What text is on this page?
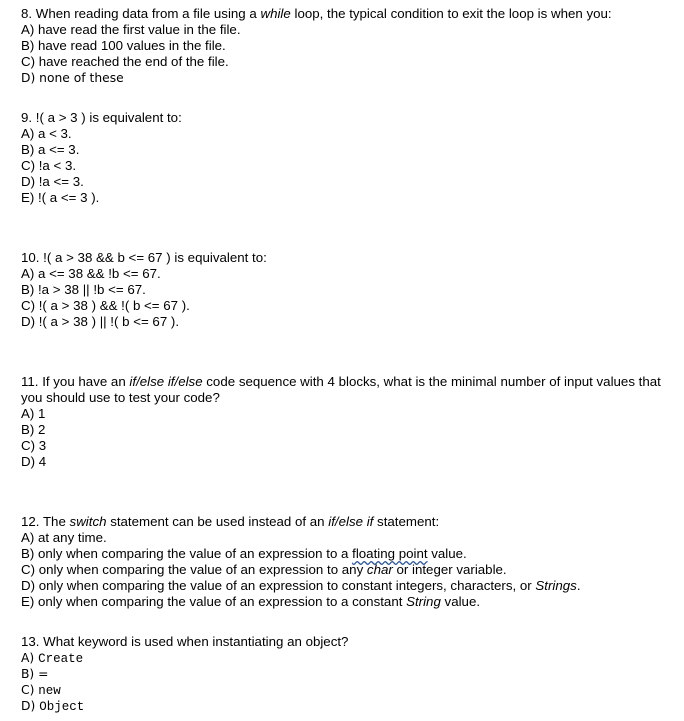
8. When reading data from a file using a while loop, the typical condition to exit the loop is when you:
A) have read the first value in the file.
B) have read 100 values in the file.
C) have reached the end of the file.
D) none of these
9. !( a > 3 ) is equivalent to:
A) a < 3.
B) a <= 3.
C) !a < 3.
D) !a <= 3.
E) !( a <= 3 ).
10. !( a > 38 && b <= 67 ) is equivalent to:
A) a <= 38 && !b <= 67.
B) !a > 38 || !b <= 67.
C) !( a > 38 ) && !( b <= 67 ).
D) !( a > 38 ) || !( b <= 67 ).
11. If you have an if/else if/else code sequence with 4 blocks, what is the minimal number of input values that you should use to test your code?
A) 1
B) 2
C) 3
D) 4
12. The switch statement can be used instead of an if/else if statement:
A) at any time.
B) only when comparing the value of an expression to a floating point value.
C) only when comparing the value of an expression to any char or integer variable.
D) only when comparing the value of an expression to constant integers, characters, or Strings.
E) only when comparing the value of an expression to a constant String value.
13. What keyword is used when instantiating an object?
A) Create
B) =
C) new
D) Object
